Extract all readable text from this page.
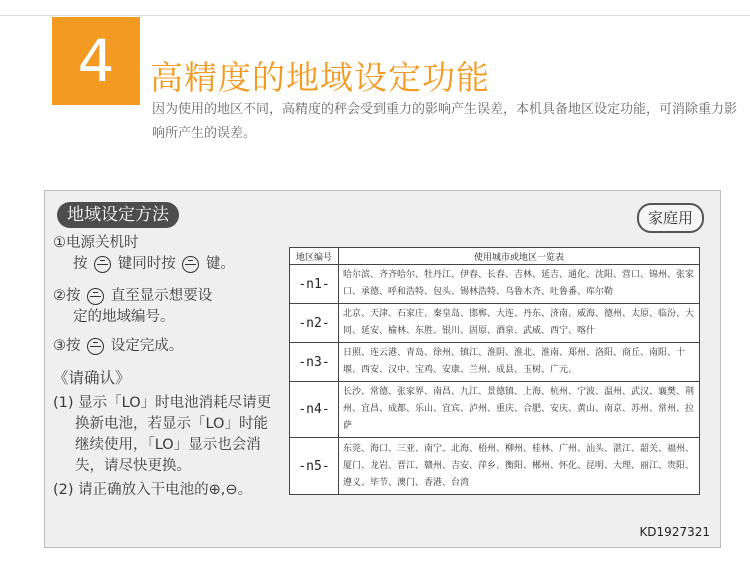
4	高精度的地域设定功能
因为使用的地区不同，高精度的秤会受到重力的影响产生误差，本机具备地区设定功能，可消除重力影响所产生的误差。
地域设定方法	家庭用
①电源关机时
按 键同时按 键。
②按 直至显示想要设
定的地域编号。
③按 设定完成。
《请确认》
(1) 显示「LO」时电池消耗尽请更
换新电池，若显示「LO」时能
继续使用，「LO」显示也会消
失，请尽快更换。
(2) 请正确放入干电池的⊕,⊖。
地区编号	使用城市或地区一览表
-n1-	哈尔滨、齐齐哈尔、牡丹江、伊春、长春、吉林、延吉、通化、沈阳、营口、锦州、张家口、承德、呼和浩特、包头、锡林浩特、乌鲁木齐、吐鲁番、库尔勒
-n2-	北京、天津、石家庄、秦皇岛、邯郸、大连、丹东、济南、威海、德州、太原、临汾、大同、延安、榆林、东胜、银川、固原、酒泉、武威、西宁、喀什
-n3-	日照、连云港、青岛、徐州、镇江、淮阴、淮北、淮南、郑州、洛阳、商丘、南阳、十堰、西安、汉中、宝鸡、安康、兰州、成县、玉树、广元、
-n4-	长沙、常德、张家界、南昌、九江、景德镇、上海、杭州、宁波、温州、武汉、襄樊、荆州、宜昌、成都、乐山、宜宾、泸州、重庆、合肥、安庆、黄山、南京、苏州、常州、拉萨
-n5-	东莞、海口、三亚、南宁、北海、梧州、柳州、桂林、广州、汕头、湛江、韶关、福州、厦门、龙岩、晋江、赣州、吉安、萍乡、衡阳、郴州、怀化、昆明、大理、丽江、贵阳、遵义、毕节、澳门、香港、台湾
KD1927321
